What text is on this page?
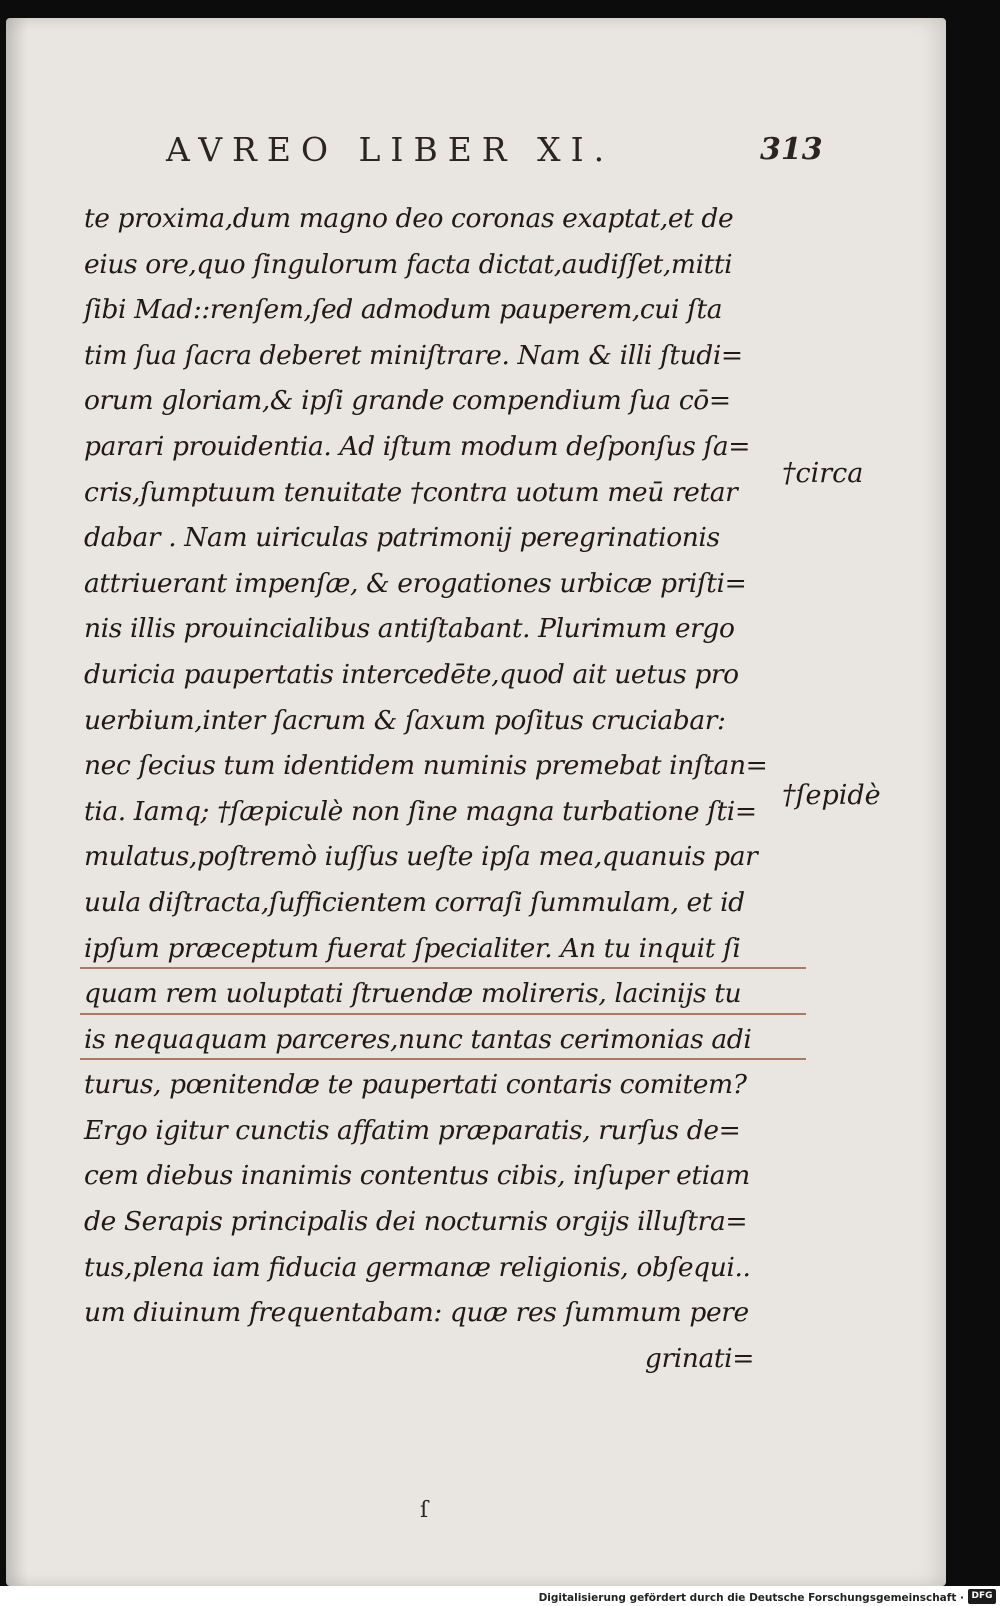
AVREO LIBER XI.	313
te proxima,dum magno deo coronas exaptat,et de
eius ore,quo ſingulorum facta dictat,audiſſet,mitti
ſibi Mad::renſem,ſed admodum pauperem,cui ſta
tim ſua ſacra deberet miniſtrare. Nam & illi ſtudi=
orum gloriam,& ipſi grande compendium ſua cō=
parari prouidentia. Ad iſtum modum deſponſus ſa=
cris,ſumptuum tenuitate †contra uotum meū retar
dabar . Nam uiriculas patrimonij peregrinationis
attriuerant impenſæ, & erogationes urbicæ priſti=
nis illis prouincialibus antiſtabant. Plurimum ergo
duricia paupertatis intercedēte,quod ait uetus pro
uerbium,inter ſacrum & ſaxum poſitus cruciabar:
nec ſecius tum identidem numinis premebat inſtan=
tia. Iamq; †ſæpiculè non ſine magna turbatione ſti=
mulatus,poſtremò iuſſus ueſte ipſa mea,quanuis par
uula diſtracta,ſufficientem corraſi ſummulam, et id
ipſum præceptum fuerat ſpecialiter. An tu inquit ſi
quam rem uoluptati ſtruendæ molireris, lacinijs tu
is nequaquam parceres,nunc tantas cerimonias adi
turus, pœnitendæ te paupertati contaris comitem?
Ergo igitur cunctis affatim præparatis, rurſus de=
cem diebus inanimis contentus cibis, inſuper etiam
de Serapis principalis dei nocturnis orgijs illuſtra=
tus,plena iam fiducia germanæ religionis, obſequi..
um diuinum frequentabam: quæ res ſummum pere
grinati=
†circa
†ſepidè
ſ
Digitalisierung gefördert durch die Deutsche Forschungsgemeinschaft · DFG
